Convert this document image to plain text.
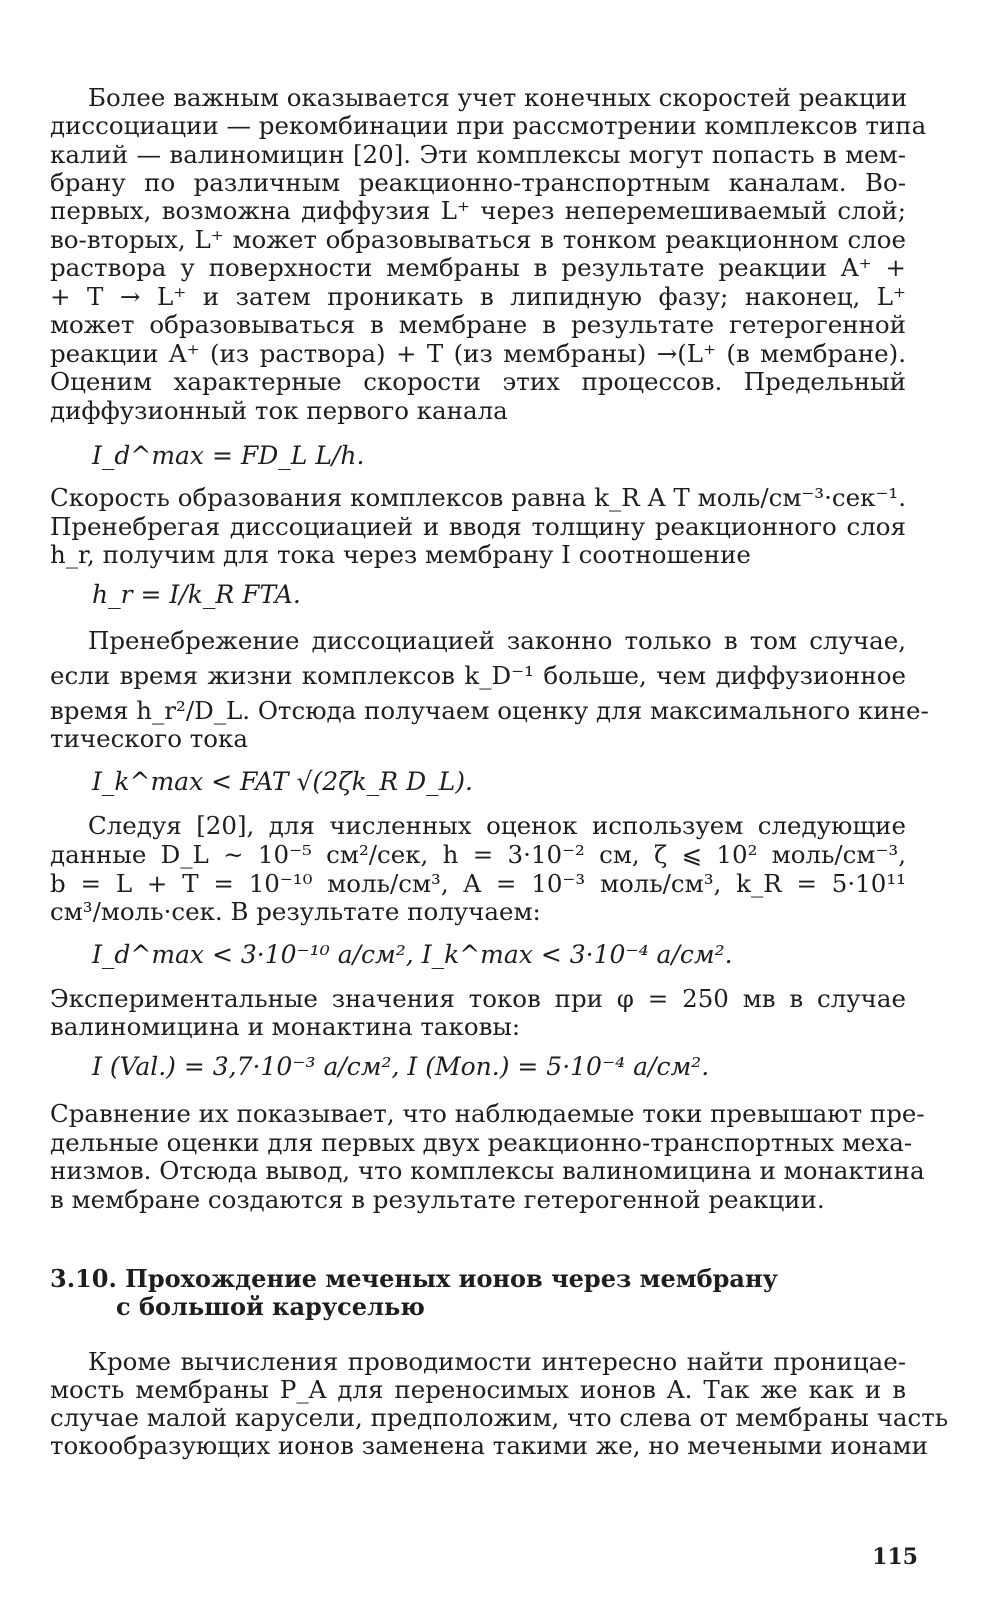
Более важным оказывается учет конечных скоростей реакции
диссоциации — рекомбинации при рассмотрении комплексов типа
калий — валиномицин [20]. Эти комплексы могут попасть в мем-
брану по различным реакционно-транспортным каналам. Во-
первых, возможна диффузия L⁺ через неперемешиваемый слой;
во-вторых, L⁺ может образовываться в тонком реакционном слое
раствора у поверхности мембраны в результате реакции A⁺ +
+ T → L⁺ и затем проникать в липидную фазу; наконец, L⁺
может образовываться в мембране в результате гетерогенной
реакции A⁺ (из раствора) + T (из мембраны) →(L⁺ (в мембране).
Оценим характерные скорости этих процессов. Предельный
диффузионный ток первого канала
I_d^max = FD_L L/h.
Скорость образования комплексов равна k_R A T моль/см⁻³·сек⁻¹.
Пренебрегая диссоциацией и вводя толщину реакционного слоя
h_r, получим для тока через мембрану I соотношение
h_r = I/k_R FTA.
Пренебрежение диссоциацией законно только в том случае,
если время жизни комплексов k_D⁻¹ больше, чем диффузионное
время h_r²/D_L. Отсюда получаем оценку для максимального кине-
тического тока
I_k^max < FAT √(2ζk_R D_L).
Следуя [20], для численных оценок используем следующие
данные D_L ~ 10⁻⁵ см²/сек, h = 3·10⁻² см, ζ ⩽ 10² моль/см⁻³,
b = L + T = 10⁻¹⁰ моль/см³, A = 10⁻³ моль/см³, k_R = 5·10¹¹
см³/моль·сек. В результате получаем:
I_d^max < 3·10⁻¹⁰ а/см², I_k^max < 3·10⁻⁴ а/см².
Экспериментальные значения токов при φ = 250 мв в случае
валиномицина и монактина таковы:
I (Val.) = 3,7·10⁻³ а/см², I (Mon.) = 5·10⁻⁴ а/см².
Сравнение их показывает, что наблюдаемые токи превышают пре-
дельные оценки для первых двух реакционно-транспортных меха-
низмов. Отсюда вывод, что комплексы валиномицина и монактина
в мембране создаются в результате гетерогенной реакции.
3.10. Прохождение меченых ионов через мембрану
с большой каруселью
Кроме вычисления проводимости интересно найти проницае-
мость мембраны P_A для переносимых ионов A. Так же как и в
случае малой карусели, предположим, что слева от мембраны часть
токообразующих ионов заменена такими же, но мечеными ионами
115
